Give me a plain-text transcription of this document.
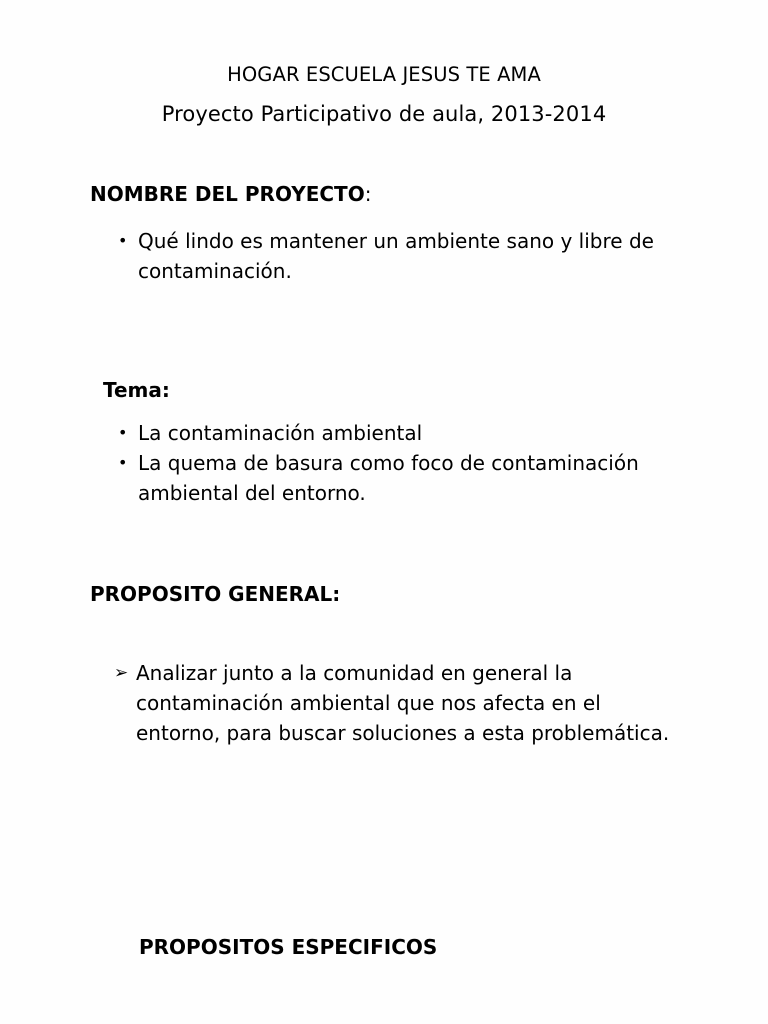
HOGAR ESCUELA JESUS TE AMA
Proyecto Participativo de aula, 2013-2014
NOMBRE DEL PROYECTO:
• Qué lindo es mantener un ambiente sano y libre de contaminación.
Tema:
• La contaminación ambiental
• La quema de basura como foco de contaminación ambiental del entorno.
PROPOSITO GENERAL:
➢ Analizar junto a la comunidad en general la contaminación ambiental que nos afecta en el entorno, para buscar soluciones a esta problemática.
PROPOSITOS ESPECIFICOS
